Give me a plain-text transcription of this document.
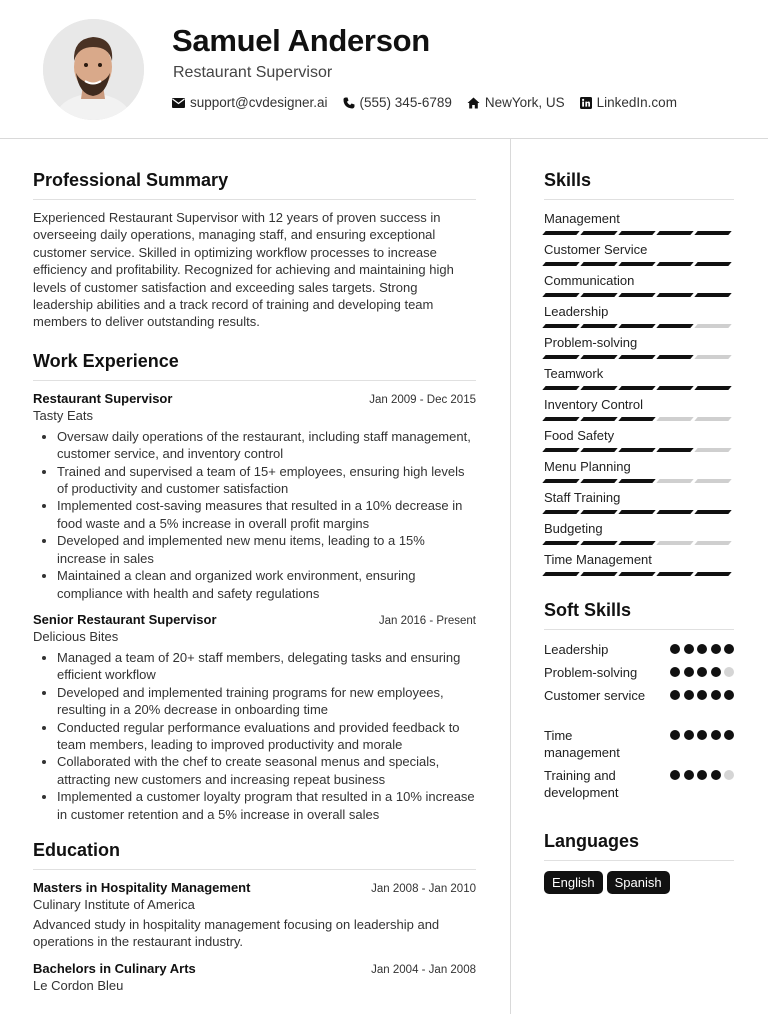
Samuel Anderson
Restaurant Supervisor
support@cvdesigner.ai (555) 345-6789 NewYork, US LinkedIn.com
Professional Summary
Experienced Restaurant Supervisor with 12 years of proven success in overseeing daily operations, managing staff, and ensuring exceptional customer service. Skilled in optimizing workflow processes to increase efficiency and profitability. Recognized for achieving and maintaining high levels of customer satisfaction and exceeding sales targets. Strong leadership abilities and a track record of training and developing team members to deliver outstanding results.
Work Experience
Restaurant Supervisor	Jan 2009 - Dec 2015
Tasty Eats
• Oversaw daily operations of the restaurant, including staff management, customer service, and inventory control
• Trained and supervised a team of 15+ employees, ensuring high levels of productivity and customer satisfaction
• Implemented cost-saving measures that resulted in a 10% decrease in food waste and a 5% increase in overall profit margins
• Developed and implemented new menu items, leading to a 15% increase in sales
• Maintained a clean and organized work environment, ensuring compliance with health and safety regulations
Senior Restaurant Supervisor	Jan 2016 - Present
Delicious Bites
• Managed a team of 20+ staff members, delegating tasks and ensuring efficient workflow
• Developed and implemented training programs for new employees, resulting in a 20% decrease in onboarding time
• Conducted regular performance evaluations and provided feedback to team members, leading to improved productivity and morale
• Collaborated with the chef to create seasonal menus and specials, attracting new customers and increasing repeat business
• Implemented a customer loyalty program that resulted in a 10% increase in customer retention and a 5% increase in overall sales
Education
Masters in Hospitality Management	Jan 2008 - Jan 2010
Culinary Institute of America
Advanced study in hospitality management focusing on leadership and operations in the restaurant industry.
Bachelors in Culinary Arts	Jan 2004 - Jan 2008
Le Cordon Bleu
Skills
Management
Customer Service
Communication
Leadership
Problem-solving
Teamwork
Inventory Control
Food Safety
Menu Planning
Staff Training
Budgeting
Time Management
Soft Skills
Leadership
Problem-solving
Customer service
Time management
Training and development
Languages
English	Spanish
